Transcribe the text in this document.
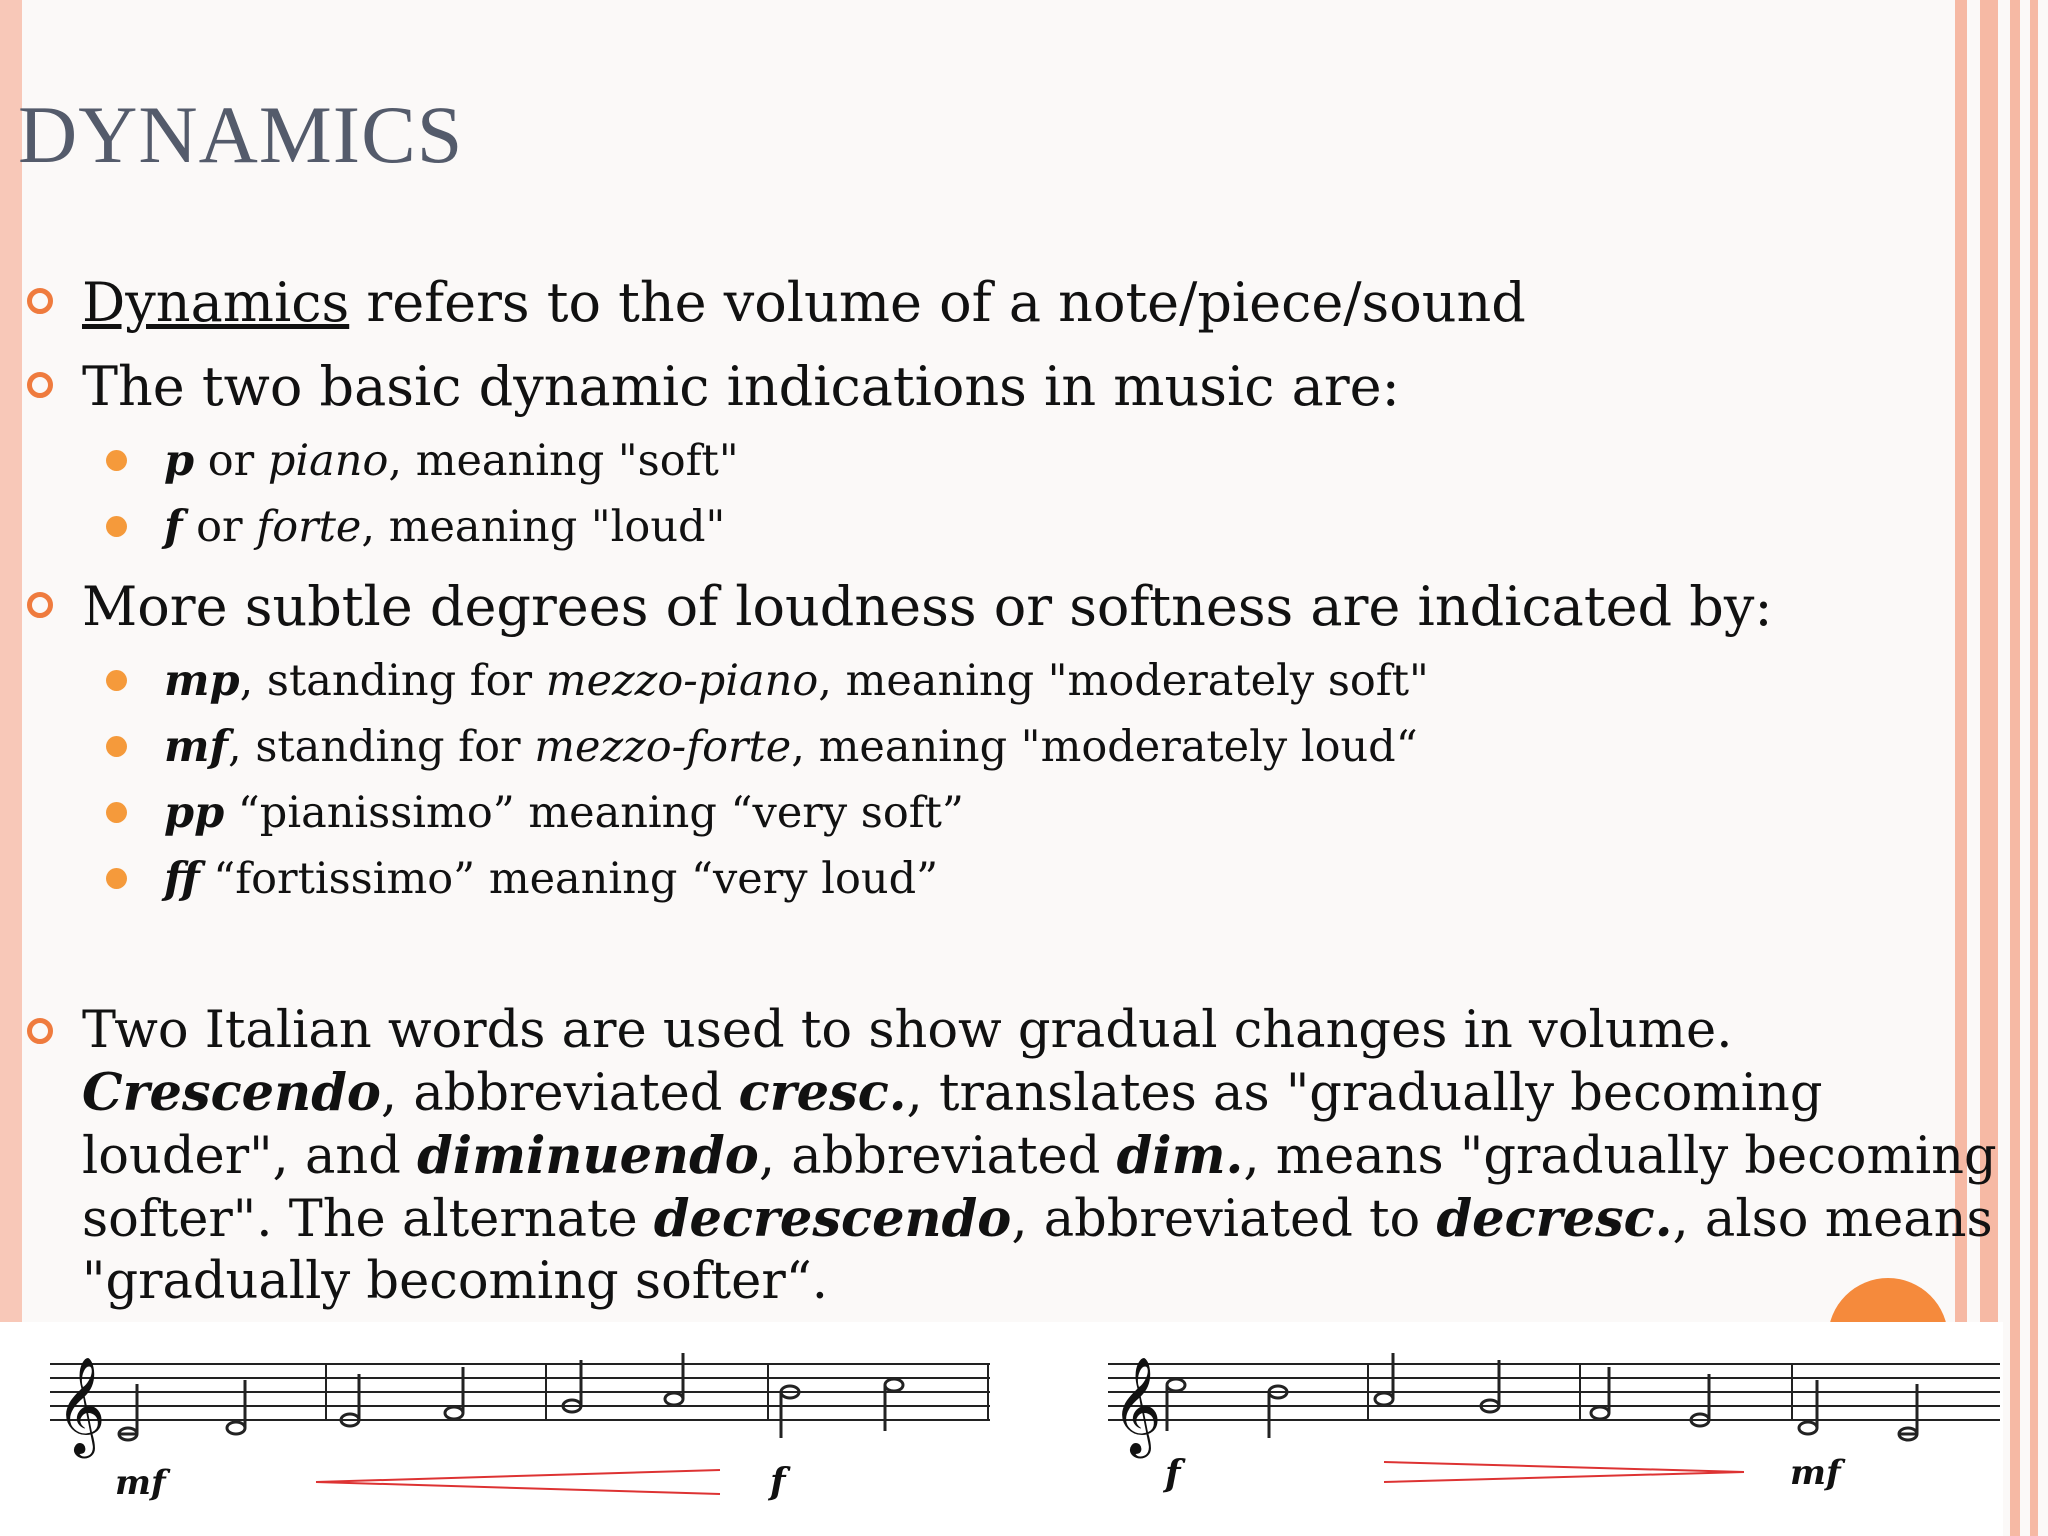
DYNAMICS
Dynamics refers to the volume of a note/piece/sound
The two basic dynamic indications in music are:
p or piano, meaning "soft"
f or forte, meaning "loud"
More subtle degrees of loudness or softness are indicated by:
mp, standing for mezzo-piano, meaning "moderately soft"
mf, standing for mezzo-forte, meaning "moderately loud“
pp “pianissimo” meaning “very soft”
ff “fortissimo” meaning “very loud”
Two Italian words are used to show gradual changes in volume. Crescendo, abbreviated cresc., translates as "gradually becoming louder", and diminuendo, abbreviated dim., means "gradually becoming softer". The alternate decrescendo, abbreviated to decresc., also means "gradually becoming softer“.
𝄞
mf	f
𝄞
f	mf
